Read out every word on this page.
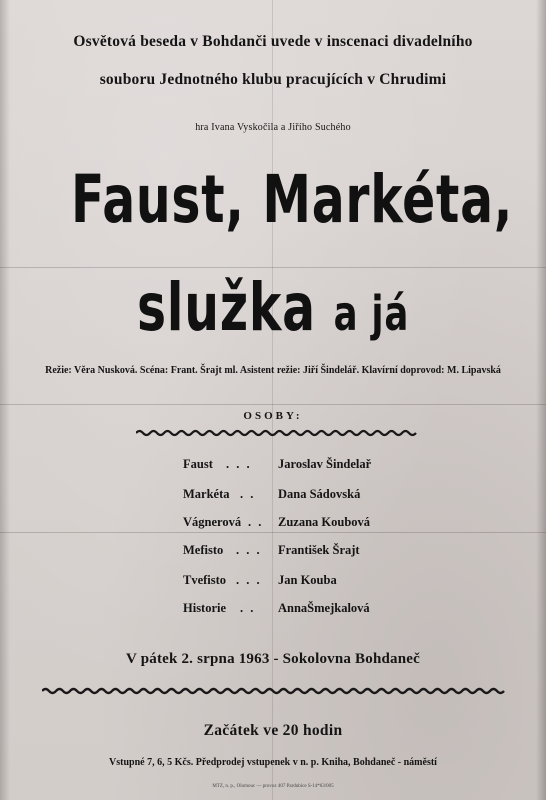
Osvětová beseda v Bohdanči uvede v inscenaci divadelního
souboru Jednotného klubu pracujících v Chrudimi
hra Ivana Vyskočila a Jiřího Suchého
Faust, Markéta,
služka a já
Režie: Věra Nusková. Scéna: Frant. Šrajt ml. Asistent režie: Jiří Šindelář. Klavírní doprovod: M. Lipavská
OSOBY:
Faust . . . Jaroslav Šindelař
Markéta . . Dana Sádovská
Vágnerová . . Zuzana Koubová
Mefisto . . . František Šrajt
Tvefisto . . . Jan Kouba
Historie . . AnnaŠmejkalová
V pátek 2. srpna 1963 - Sokolovna Bohdaneč
Začátek ve 20 hodin
Vstupné 7, 6, 5 Kčs. Předprodej vstupenek v n. p. Kniha, Bohdaneč - náměstí
MTZ, n. p., Olomouc — provoz 407 Pardubice S-14*63/005
